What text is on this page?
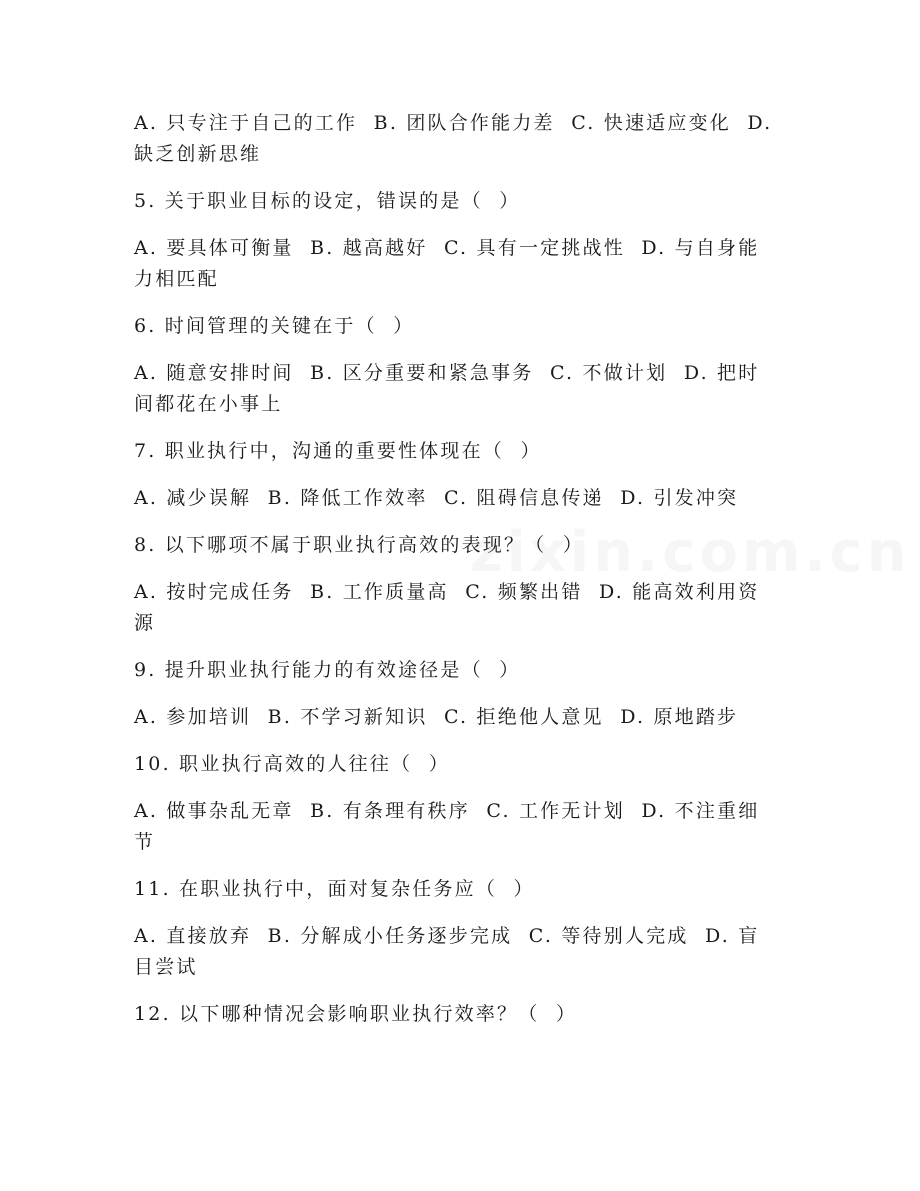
zixin.com.cn
A. 只专注于自己的工作  B. 团队合作能力差  C. 快速适应变化  D. 缺乏创新思维
5. 关于职业目标的设定，错误的是（  ）
A. 要具体可衡量  B. 越高越好  C. 具有一定挑战性  D. 与自身能力相匹配
6. 时间管理的关键在于（  ）
A. 随意安排时间  B. 区分重要和紧急事务  C. 不做计划  D. 把时间都花在小事上
7. 职业执行中，沟通的重要性体现在（  ）
A. 减少误解  B. 降低工作效率  C. 阻碍信息传递  D. 引发冲突
8. 以下哪项不属于职业执行高效的表现？（  ）
A. 按时完成任务  B. 工作质量高  C. 频繁出错  D. 能高效利用资源
9. 提升职业执行能力的有效途径是（  ）
A. 参加培训  B. 不学习新知识  C. 拒绝他人意见  D. 原地踏步
10. 职业执行高效的人往往（  ）
A. 做事杂乱无章  B. 有条理有秩序  C. 工作无计划  D. 不注重细节
11. 在职业执行中，面对复杂任务应（  ）
A. 直接放弃  B. 分解成小任务逐步完成  C. 等待别人完成  D. 盲目尝试
12. 以下哪种情况会影响职业执行效率？（  ）
